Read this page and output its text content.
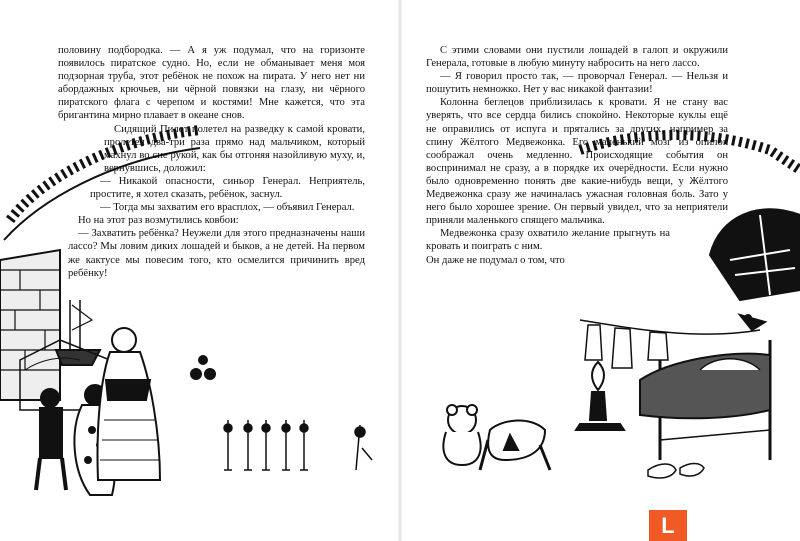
половину подбородка. — А я уж подумал, что на горизонте появилось пиратское судно. Но, если не обманывает меня моя подзорная труба, этот ребёнок не похож на пирата. У него нет ни абордажных крючьев, ни чёрной повязки на глазу, ни чёрного пиратского флага с черепом и костями! Мне кажется, что эта бригантина мирно плавает в океане снов.

Сидящий Пилот полетел на разведку к самой кровати, пролетел два-три раза прямо над мальчиком, который махнул во сне рукой, как бы отгоняя назойливую муху, и, вернувшись, доложил:

— Никакой опасности, синьор Генерал. Неприятель, простите, я хотел сказать, ребёнок, заснул.

— Тогда мы захватим его врасплох, — объявил Генерал.

Но на этот раз возмутились ковбои:

— Захватить ребёнка? Неужели для этого предназначены наши лассо? Мы ловим диких лошадей и быков, а не детей. На первом же кактусе мы повесим того, кто осмелится причинить вред ребёнку!

С этими словами они пустили лошадей в галоп и окружили Генерала, готовые в любую минуту набросить на него лассо.

— Я говорил просто так, — проворчал Генерал. — Нельзя и пошутить немножко. Нет у вас никакой фантазии!

Колонна беглецов приблизилась к кровати. Я не стану вас уверять, что все сердца бились спокойно. Некоторые куклы ещё не оправились от испуга и прятались за других, например за спину Жёлтого Медвежонка. Его маленький мозг из опилок соображал очень медленно. Происходящие события он воспринимал не сразу, а в порядке их очерёдности. Если нужно было одновременно понять две какие-нибудь вещи, у Жёлтого Медвежонка сразу же начиналась ужасная головная боль. Зато у него было хорошее зрение. Он первый увидел, что за неприятели приняли маленького спящего мальчика.

Медвежонка сразу охватило желание прыгнуть на кровать и поиграть с ним.

Он даже не подумал о том, что

L
